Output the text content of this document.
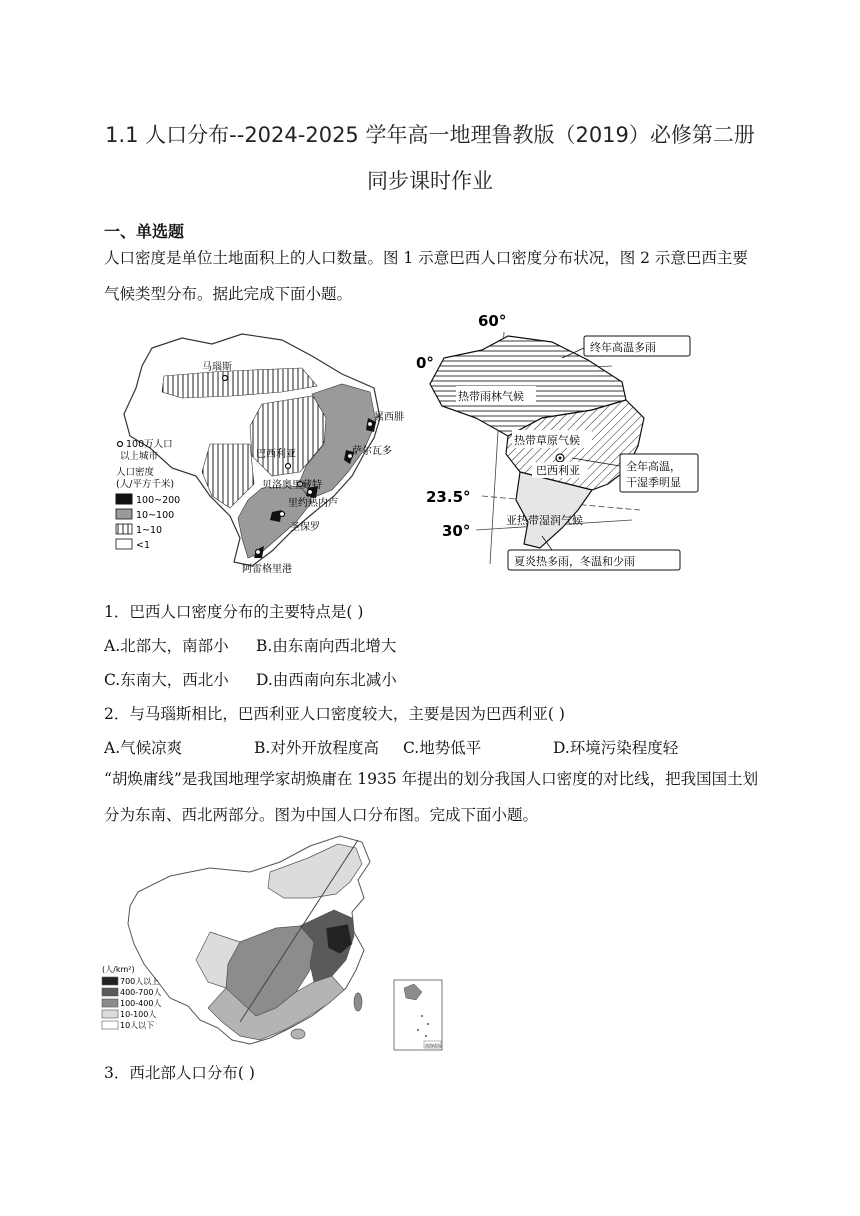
1.1 人口分布--2024-2025 学年高一地理鲁教版（2019）必修第二册
同步课时作业
一、单选题
人口密度是单位土地面积上的人口数量。图 1 示意巴西人口密度分布状况，图 2 示意巴西主要气候类型分布。据此完成下面小题。
马瑙斯
累西腓
萨尔瓦多
巴西利亚
贝洛奥里藏特
里约热内卢
圣保罗
阿雷格里港
100万人口
以上城市
人口密度
(人/平方千米)
100~200
10~100
1~10
<1
60°
0°
23.5°
30°
热带雨林气候
热带草原气候
巴西利亚
亚热带湿润气候
终年高温多雨
全年高温，
干湿季明显
夏炎热多雨，冬温和少雨
1．巴西人口密度分布的主要特点是( )
A.北部大，南部小 B.由东南向西北增大
C.东南大，西北小 D.由西南向东北减小
2．与马瑙斯相比，巴西利亚人口密度较大，主要是因为巴西利亚( )
A.气候凉爽	B.对外开放程度高 C.地势低平	D.环境污染程度轻
“胡焕庸线”是我国地理学家胡焕庸在 1935 年提出的划分我国人口密度的对比线，把我国国土划分为东南、西北两部分。图为中国人口分布图。完成下面小题。
(人/km²)
700人以上
400-700人
100-400人
10-100人
10人以下
南海诸岛
3．西北部人口分布( )
